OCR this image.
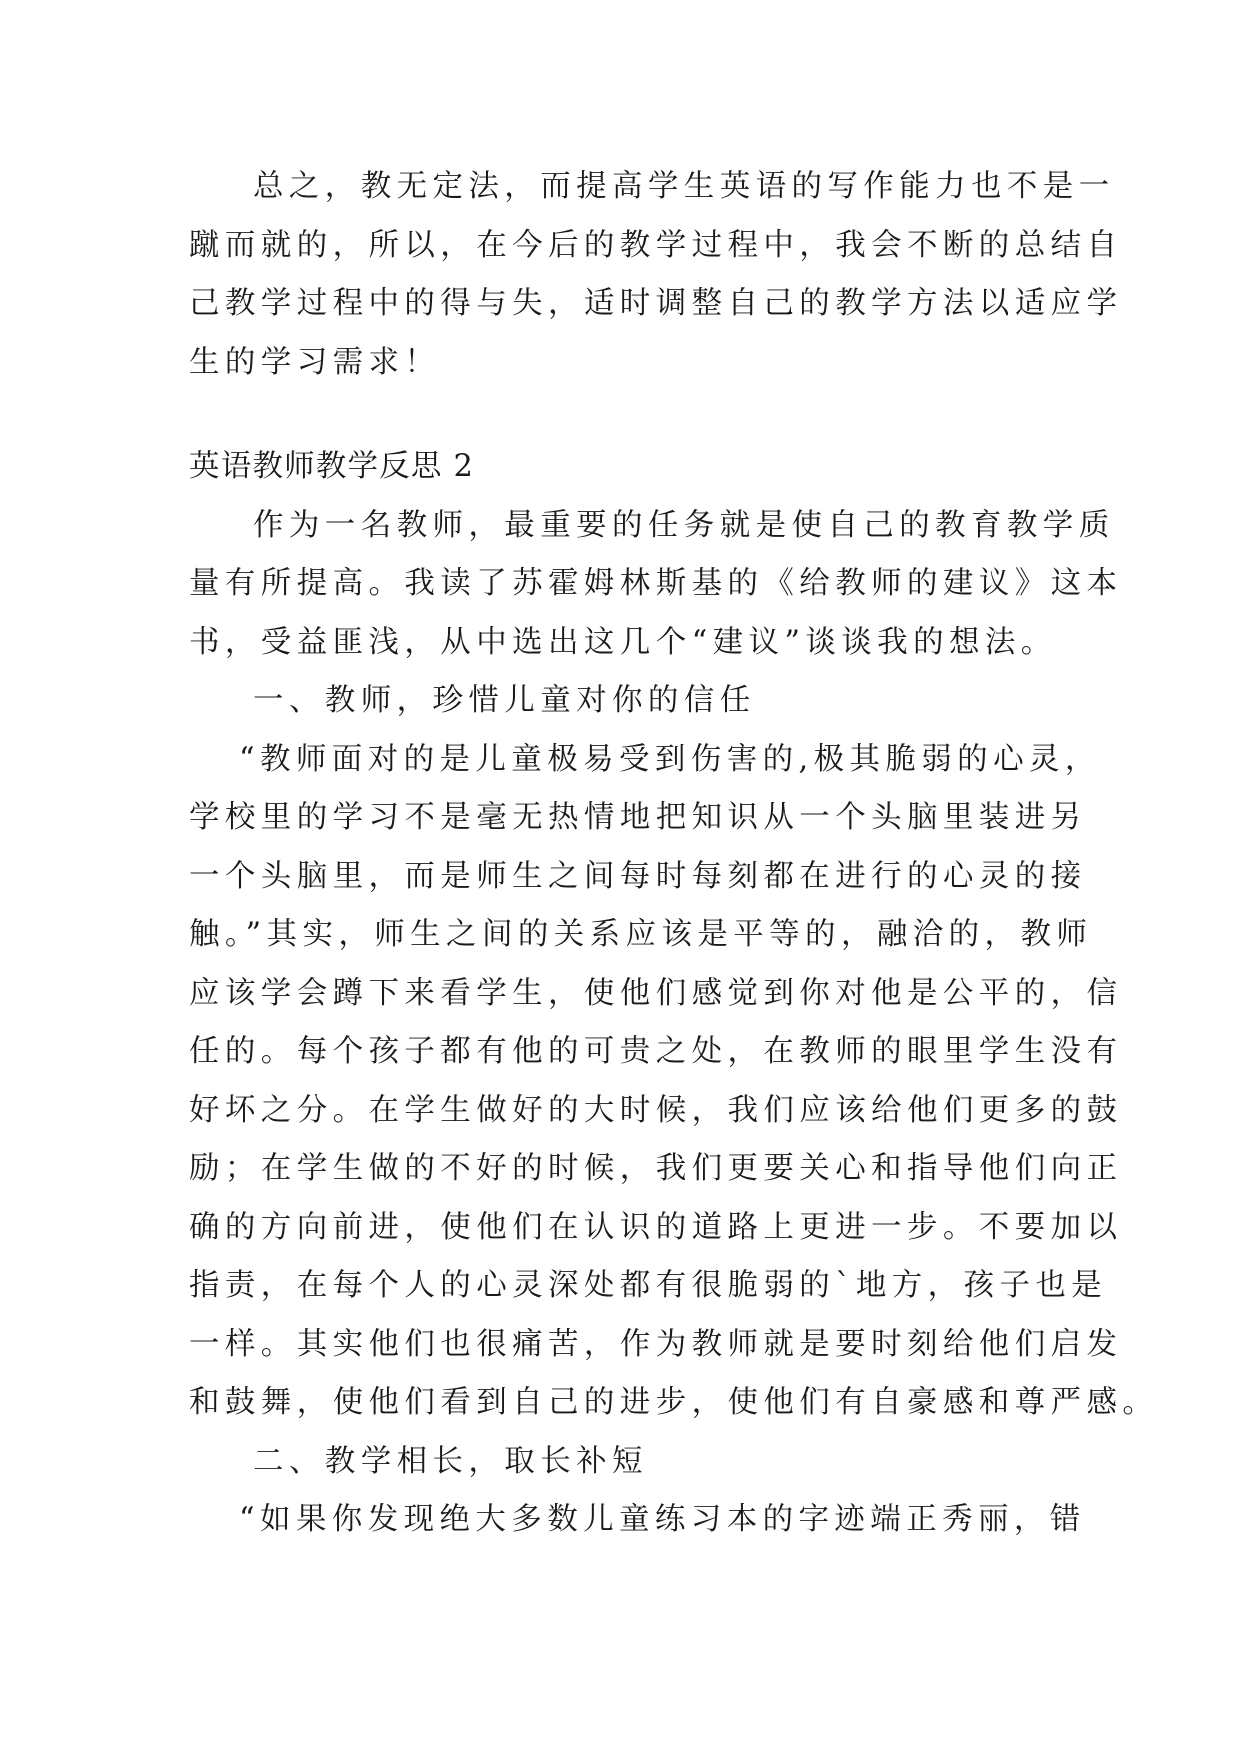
总之，教无定法，而提高学生英语的写作能力也不是一
蹴而就的，所以，在今后的教学过程中，我会不断的总结自
己教学过程中的得与失，适时调整自己的教学方法以适应学
生的学习需求！
英语教师教学反思 2
作为一名教师，最重要的任务就是使自己的教育教学质
量有所提高。我读了苏霍姆林斯基的《给教师的建议》这本
书，受益匪浅，从中选出这几个“建议”谈谈我的想法。
一、教师，珍惜儿童对你的信任
“教师面对的是儿童极易受到伤害的,极其脆弱的心灵，
学校里的学习不是毫无热情地把知识从一个头脑里装进另
一个头脑里，而是师生之间每时每刻都在进行的心灵的接
触。”其实，师生之间的关系应该是平等的，融洽的，教师
应该学会蹲下来看学生，使他们感觉到你对他是公平的，信
任的。每个孩子都有他的可贵之处，在教师的眼里学生没有
好坏之分。在学生做好的大时候，我们应该给他们更多的鼓
励；在学生做的不好的时候，我们更要关心和指导他们向正
确的方向前进，使他们在认识的道路上更进一步。不要加以
指责，在每个人的心灵深处都有很脆弱的`地方，孩子也是
一样。其实他们也很痛苦，作为教师就是要时刻给他们启发
和鼓舞，使他们看到自己的进步，使他们有自豪感和尊严感。
二、教学相长，取长补短
“如果你发现绝大多数儿童练习本的字迹端正秀丽，错
